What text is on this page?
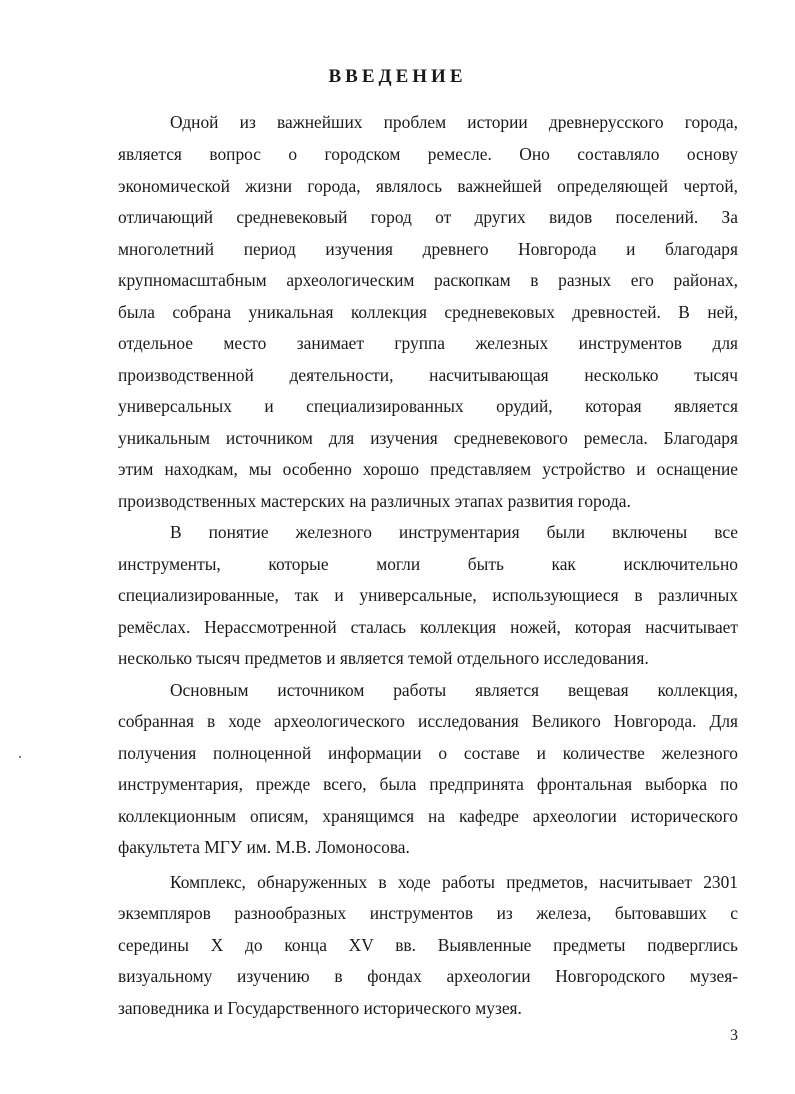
ВВЕДЕНИЕ
Одной из важнейших проблем истории древнерусского города,
является вопрос о городском ремесле. Оно составляло основу
экономической жизни города, являлось важнейшей определяющей чертой,
отличающий средневековый город от других видов поселений. За
многолетний период изучения древнего Новгорода и благодаря
крупномасштабным археологическим раскопкам в разных его районах,
была собрана уникальная коллекция средневековых древностей. В ней,
отдельное место занимает группа железных инструментов для
производственной деятельности, насчитывающая несколько тысяч
универсальных и специализированных орудий, которая является
уникальным источником для изучения средневекового ремесла. Благодаря
этим находкам, мы особенно хорошо представляем устройство и оснащение
производственных мастерских на различных этапах развития города.
В понятие железного инструментария были включены все
инструменты, которые могли быть как исключительно
специализированные, так и универсальные, использующиеся в различных
ремёслах. Нерассмотренной сталась коллекция ножей, которая насчитывает
несколько тысяч предметов и является темой отдельного исследования.
Основным источником работы является вещевая коллекция,
собранная в ходе археологического исследования Великого Новгорода. Для
получения полноценной информации о составе и количестве железного
инструментария, прежде всего, была предпринята фронтальная выборка по
коллекционным описям, хранящимся на кафедре археологии исторического
факультета МГУ им. М.В. Ломоносова.
Комплекс, обнаруженных в ходе работы предметов, насчитывает 2301
экземпляров разнообразных инструментов из железа, бытовавших с
середины X до конца XV вв. Выявленные предметы подверглись
визуальному изучению в фондах археологии Новгородского музея-
заповедника и Государственного исторического музея.
3
